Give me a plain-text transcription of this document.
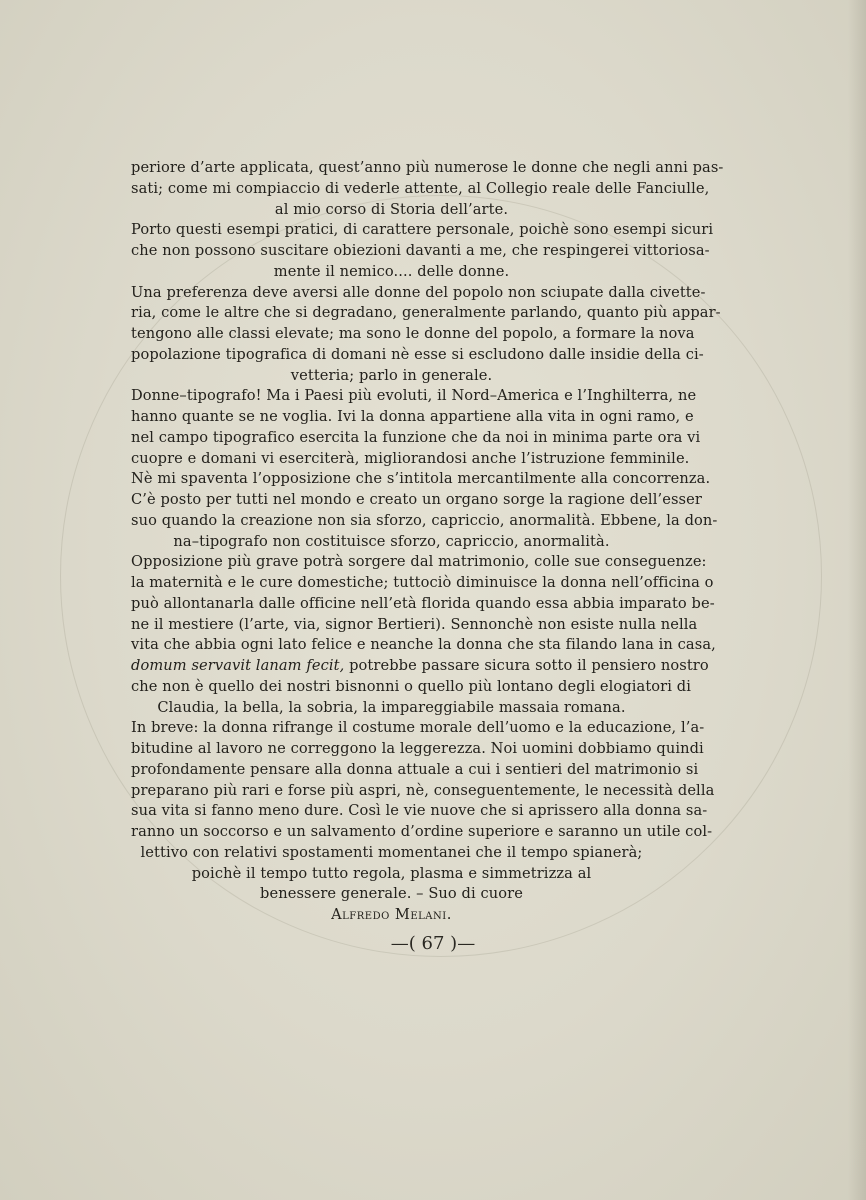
periore d’arte applicata, quest’anno più numerose le donne che negli anni pas-
sati; come mi compiaccio di vederle attente, al Collegio reale delle Fanciulle,
al mio corso di Storia dell’arte.
Porto questi esempi pratici, di carattere personale, poichè sono esempi sicuri
che non possono suscitare obiezioni davanti a me, che respingerei vittoriosa-
mente il nemico.... delle donne.
Una preferenza deve aversi alle donne del popolo non sciupate dalla civette-
ria, come le altre che si degradano, generalmente parlando, quanto più appar-
tengono alle classi elevate; ma sono le donne del popolo, a formare la nova
popolazione tipografica di domani nè esse si escludono dalle insidie della ci-
vetteria; parlo in generale.
Donne–tipografo! Ma i Paesi più evoluti, il Nord–America e l’Inghilterra, ne
hanno quante se ne voglia. Ivi la donna appartiene alla vita in ogni ramo, e
nel campo tipografico esercita la funzione che da noi in minima parte ora vi
cuopre e domani vi eserciterà, migliorandosi anche l’istruzione femminile.
Nè mi spaventa l’opposizione che s’intitola mercantilmente alla concorrenza.
C’è posto per tutti nel mondo e creato un organo sorge la ragione dell’esser
suo quando la creazione non sia sforzo, capriccio, anormalità. Ebbene, la don-
na–tipografo non costituisce sforzo, capriccio, anormalità.
Opposizione più grave potrà sorgere dal matrimonio, colle sue conseguenze:
la maternità e le cure domestiche; tuttociò diminuisce la donna nell’officina o
può allontanarla dalle officine nell’età florida quando essa abbia imparato be-
ne il mestiere (l’arte, via, signor Bertieri). Sennonchè non esiste nulla nella
vita che abbia ogni lato felice e neanche la donna che sta filando lana in casa,
domum servavit lanam fecit, potrebbe passare sicura sotto il pensiero nostro
che non è quello dei nostri bisnonni o quello più lontano degli elogiatori di
Claudia, la bella, la sobria, la impareggiabile massaia romana.
In breve: la donna rifrange il costume morale dell’uomo e la educazione, l’a-
bitudine al lavoro ne correggono la leggerezza. Noi uomini dobbiamo quindi
profondamente pensare alla donna attuale a cui i sentieri del matrimonio si
preparano più rari e forse più aspri, nè, conseguentemente, le necessità della
sua vita si fanno meno dure. Così le vie nuove che si aprissero alla donna sa-
ranno un soccorso e un salvamento d’ordine superiore e saranno un utile col-
lettivo con relativi spostamenti momentanei che il tempo spianerà;
poichè il tempo tutto regola, plasma e simmetrizza al
benessere generale. – Suo di cuore
Alfredo Melani.
—( 67 )—
